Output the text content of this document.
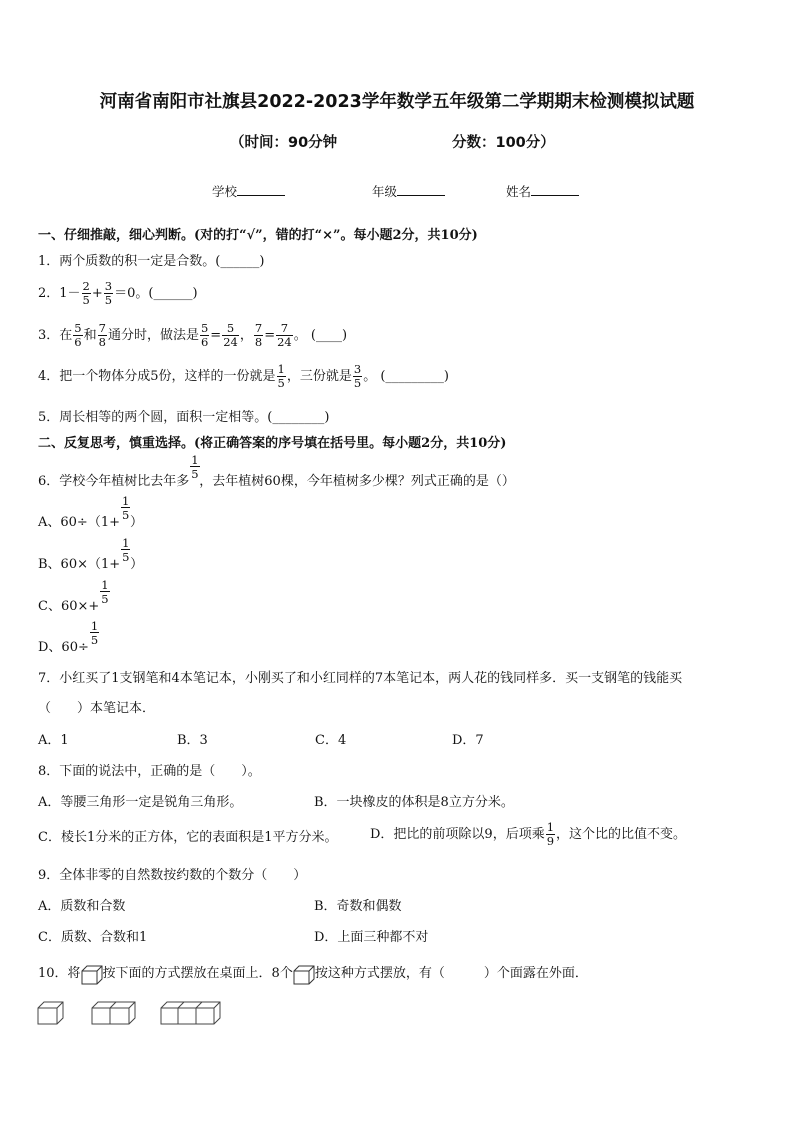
河南省南阳市社旗县2022-2023学年数学五年级第二学期期末检测模拟试题
（时间：90分钟	分数：100分）
学校	年级	姓名
一、仔细推敲，细心判断。(对的打“√”，错的打“×”。每小题2分，共10分)
1．两个质数的积一定是合数。(______)
2．$1- \frac{2}{5} + \frac{3}{5} =0$。(______)
3．在 $\frac{5}{6}$ 和 $\frac{7}{8}$ 通分时，做法是 $\frac{5}{6} = \frac{5}{24}$ ， $\frac{7}{8} = \frac{7}{24}$ 。 (____)
4．把一个物体分成5份，这样的一份就是 $\frac{1}{5}$ ，三份就是 $\frac{3}{5}$ 。 (_________)
5．周长相等的两个圆，面积一定相等。(________)
二、反复思考，慎重选择。(将正确答案的序号填在括号里。每小题2分，共10分)
6．学校今年植树比去年多 $\frac{1}{5}$ ，去年植树60棵，今年植树多少棵？列式正确的是（）
A、$60\div(1+ \frac{1}{5}$ ）
B、$60\times(1+ \frac{1}{5}$ ）
C、$60\times+ \frac{1}{5}$
D、$60\div \frac{1}{5}$
7．小红买了1支钢笔和4本笔记本，小刚买了和小红同样的7本笔记本，两人花的钱同样多．买一支钢笔的钱能买
（　　）本笔记本．
A．1	B．3	C．4	D．7
8．下面的说法中，正确的是（　　）。
A．等腰三角形一定是锐角三角形。	B．一块橡皮的体积是8立方分米。
C．棱长1分米的正方体，它的表面积是1平方分米。	D．把比的前项除以9，后项乘 $\frac{1}{9}$ ，这个比的比值不变。
9．全体非零的自然数按约数的个数分（　　）
A．质数和合数	B．奇数和偶数
C．质数、合数和1	D．上面三种都不对
10．将 按下面的方式摆放在桌面上．8个 按这种方式摆放，有（　　　）个面露在外面．
